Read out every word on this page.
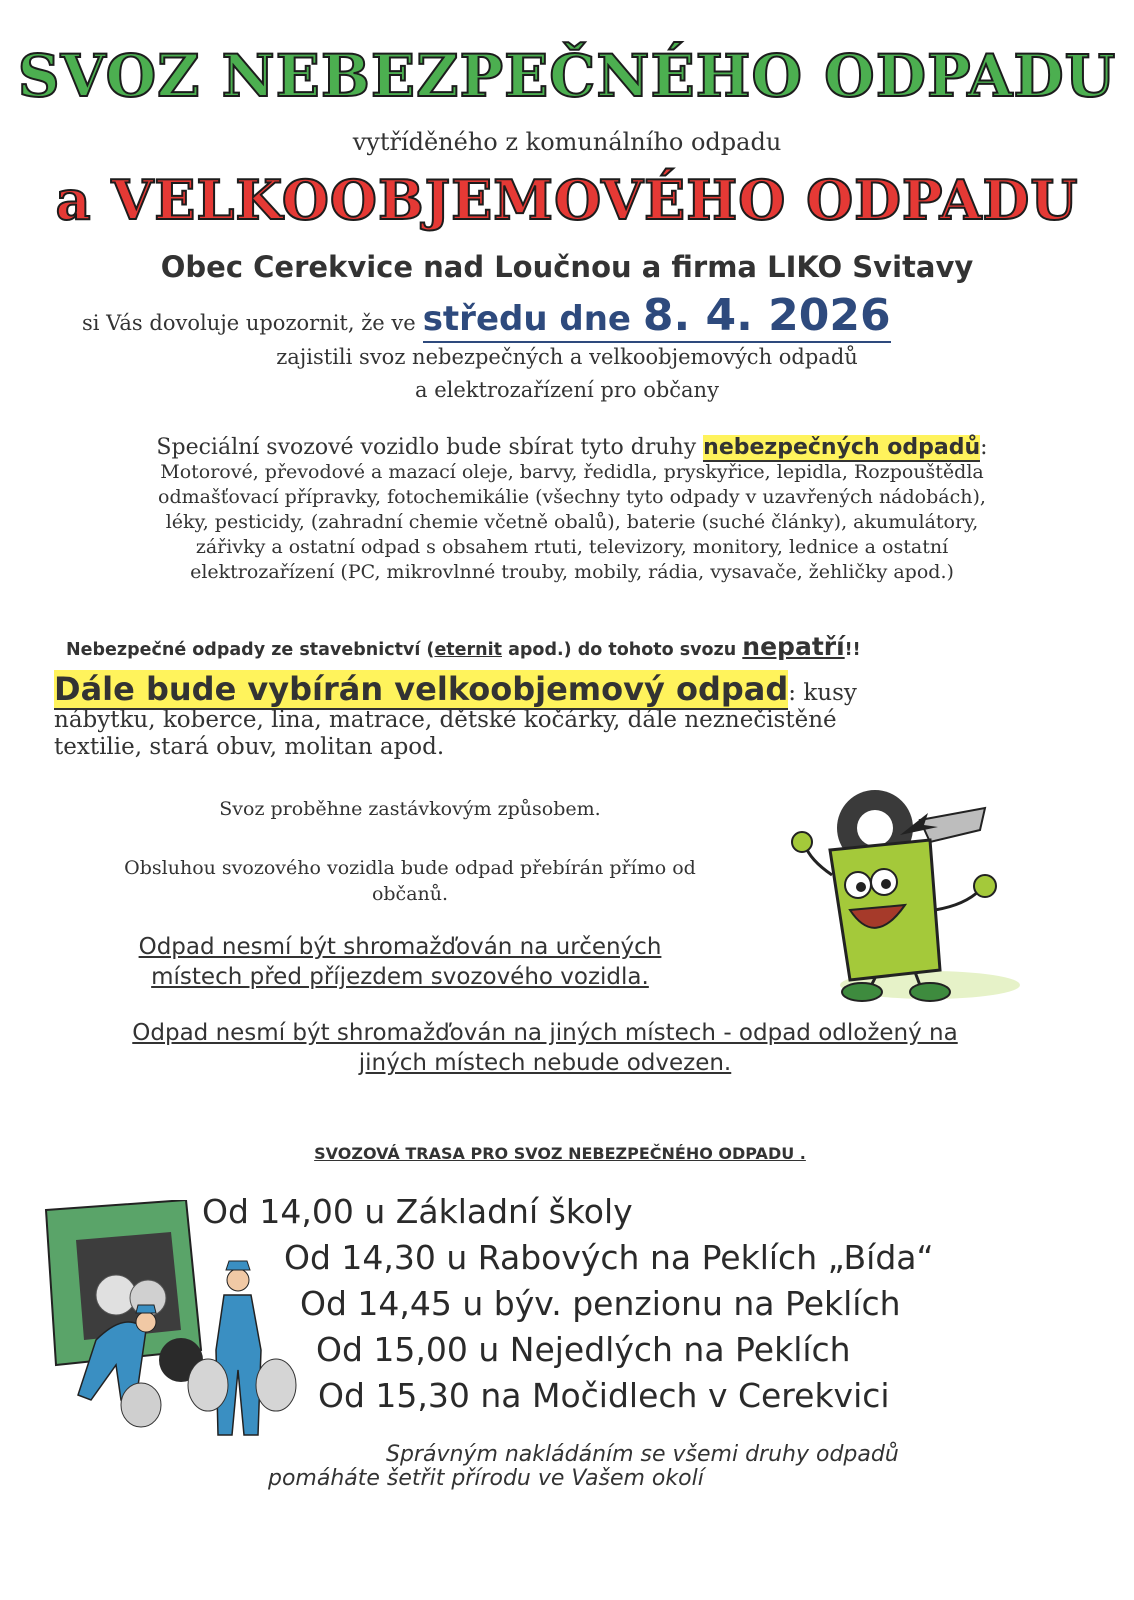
SVOZ NEBEZPEČNÉHO ODPADU
vytříděného z komunálního odpadu
a VELKOOBJEMOVÉHO ODPADU
Obec Cerekvice nad Loučnou a firma LIKO Svitavy
si Vás dovoluje upozornit, že ve středu dne 8. 4. 2026
zajistili svoz nebezpečných a velkoobjemových odpadů
a elektrozařízení pro občany
Speciální svozové vozidlo bude sbírat tyto druhy nebezpečných odpadů:
Motorové, převodové a mazací oleje, barvy, ředidla, pryskyřice, lepidla, Rozpouštědla
odmašťovací přípravky, fotochemikálie (všechny tyto odpady v uzavřených nádobách),
léky, pesticidy, (zahradní chemie včetně obalů), baterie (suché články), akumulátory,
zářivky a ostatní odpad s obsahem rtuti, televizory, monitory, lednice a ostatní
elektrozařízení (PC, mikrovlnné trouby, mobily, rádia, vysavače, žehličky apod.)
Nebezpečné odpady ze stavebnictví (eternit apod.) do tohoto svozu nepatří!!
Dále bude vybírán velkoobjemový odpad: kusy
nábytku, koberce, lina, matrace, dětské kočárky, dále neznečistěné
textilie, stará obuv, molitan apod.
Svoz proběhne zastávkovým způsobem.
Obsluhou svozového vozidla bude odpad přebírán přímo od
občanů.
Odpad nesmí být shromažďován na určených
místech před příjezdem svozového vozidla.
Odpad nesmí být shromažďován na jiných místech - odpad odložený na
jiných místech nebude odvezen.
SVOZOVÁ TRASA PRO SVOZ NEBEZPEČNÉHO ODPADU .
Od 14,00 u Základní školy
Od 14,30 u Rabových na Peklích „Bída“
Od 14,45 u býv. penzionu na Peklích
Od 15,00 u Nejedlých na Peklích
Od 15,30 na Močidlech v Cerekvici
Správným nakládáním se všemi druhy odpadů
pomáháte šetřit přírodu ve Vašem okolí
